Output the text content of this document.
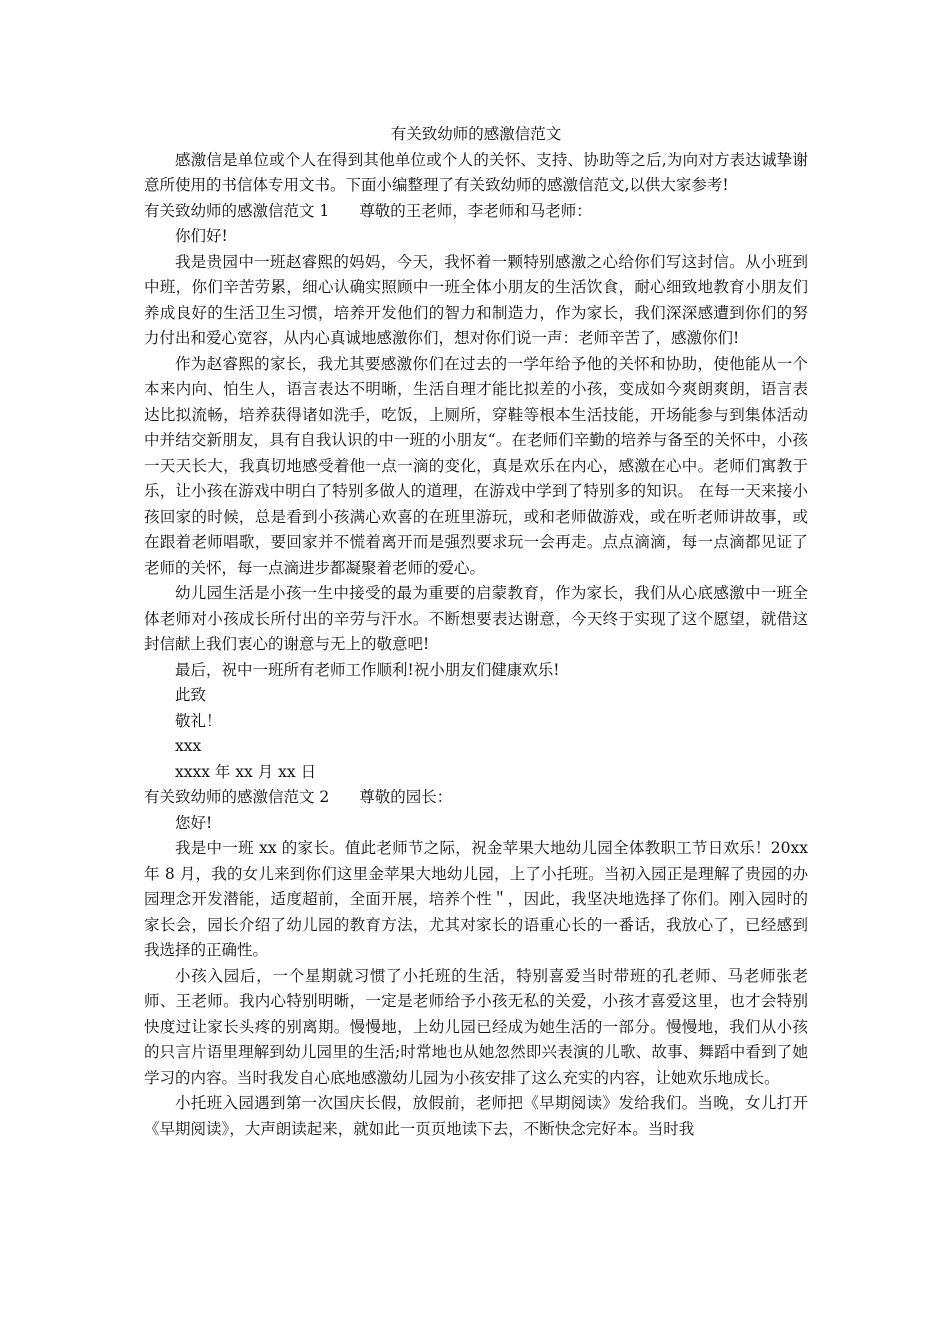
有关致幼师的感激信范文

感激信是单位或个人在得到其他单位或个人的关怀、支持、协助等之后,为向对方表达诚挚谢意所使用的书信体专用文书。下面小编整理了有关致幼师的感激信范文,以供大家参考!

有关致幼师的感激信范文 1 尊敬的王老师，李老师和马老师：

你们好!

我是贵园中一班赵睿熙的妈妈，今天，我怀着一颗特别感激之心给你们写这封信。从小班到中班，你们辛苦劳累，细心认确实照顾中一班全体小朋友的生活饮食，耐心细致地教育小朋友们养成良好的生活卫生习惯，培养开发他们的智力和制造力，作为家长，我们深深感遭到你们的努力付出和爱心宽容，从内心真诚地感激你们，想对你们说一声：老师辛苦了，感激你们!

作为赵睿熙的家长，我尤其要感激你们在过去的一学年给予他的关怀和协助，使他能从一个本来内向、怕生人，语言表达不明晰，生活自理才能比拟差的小孩，变成如今爽朗爽朗，语言表达比拟流畅，培养获得诸如洗手，吃饭，上厕所，穿鞋等根本生活技能，开场能参与到集体活动中并结交新朋友，具有自我认识的中一班的小朋友“。在老师们辛勤的培养与备至的关怀中，小孩一天天长大，我真切地感受着他一点一滴的变化，真是欢乐在内心，感激在心中。老师们寓教于乐，让小孩在游戏中明白了特别多做人的道理，在游戏中学到了特别多的知识。 在每一天来接小孩回家的时候，总是看到小孩满心欢喜的在班里游玩，或和老师做游戏，或在听老师讲故事，或在跟着老师唱歌，要回家并不慌着离开而是强烈要求玩一会再走。点点滴滴，每一点滴都见证了老师的关怀，每一点滴进步都凝聚着老师的爱心。

幼儿园生活是小孩一生中接受的最为重要的启蒙教育，作为家长，我们从心底感激中一班全体老师对小孩成长所付出的辛劳与汗水。不断想要表达谢意，今天终于实现了这个愿望，就借这封信献上我们衷心的谢意与无上的敬意吧!

最后，祝中一班所有老师工作顺利!祝小朋友们健康欢乐!

此致

敬礼！

xxx

xxxx 年 xx 月 xx 日

有关致幼师的感激信范文 2 尊敬的园长：

您好!

我是中一班 xx 的家长。值此老师节之际，祝金苹果大地幼儿园全体教职工节日欢乐！20xx 年 8 月，我的女儿来到你们这里金苹果大地幼儿园，上了小托班。当初入园正是理解了贵园的办园理念开发潜能，适度超前，全面开展，培养个性＂，因此，我坚决地选择了你们。刚入园时的家长会，园长介绍了幼儿园的教育方法，尤其对家长的语重心长的一番话，我放心了，已经感到我选择的正确性。

小孩入园后，一个星期就习惯了小托班的生活，特别喜爱当时带班的孔老师、马老师张老师、王老师。我内心特别明晰，一定是老师给予小孩无私的关爱，小孩才喜爱这里，也才会特别快度过让家长头疼的别离期。慢慢地，上幼儿园已经成为她生活的一部分。慢慢地，我们从小孩的只言片语里理解到幼儿园里的生活;时常地也从她忽然即兴表演的儿歌、故事、舞蹈中看到了她学习的内容。当时我发自心底地感激幼儿园为小孩安排了这么充实的内容，让她欢乐地成长。

小托班入园遇到第一次国庆长假，放假前，老师把《早期阅读》发给我们。当晚，女儿打开《早期阅读》，大声朗读起来，就如此一页页地读下去，不断快念完好本。当时我
